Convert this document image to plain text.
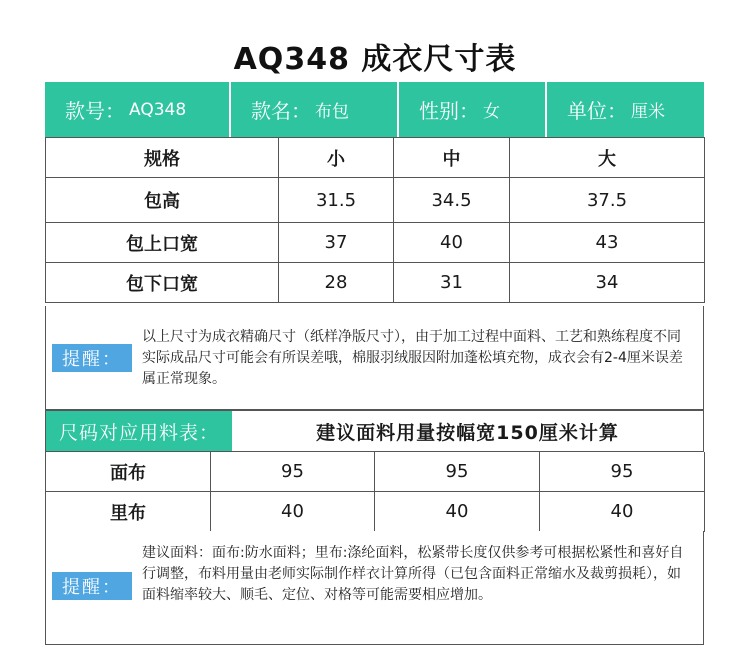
AQ348 成衣尺寸表
款号： AQ348	款名： 布包	性别： 女	单位： 厘米
规格	小	中	大
包高	31.5	34.5	37.5
包上口宽	37	40	43
包下口宽	28	31	34
提醒：
以上尺寸为成衣精确尺寸（纸样净版尺寸），由于加工过程中面料、工艺和熟练程度不同实际成品尺寸可能会有所误差哦，棉服羽绒服因附加蓬松填充物，成衣会有2-4厘米误差属正常现象。
尺码对应用料表：	建议面料用量按幅宽150厘米计算
面布	95	95	95
里布	40	40	40
提醒：
建议面料：面布:防水面料；里布:涤纶面料，松紧带长度仅供参考可根据松紧性和喜好自行调整，布料用量由老师实际制作样衣计算所得（已包含面料正常缩水及裁剪损耗），如面料缩率较大、顺毛、定位、对格等可能需要相应增加。
